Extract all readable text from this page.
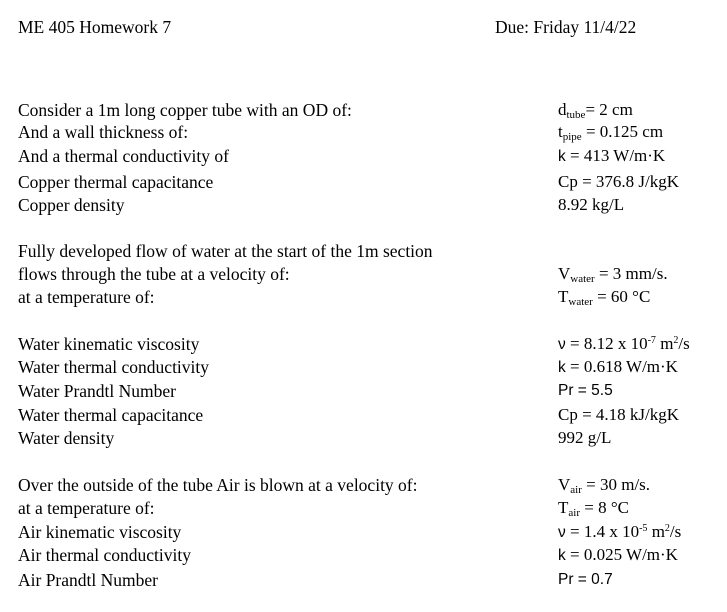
ME 405 Homework 7	Due: Friday 11/4/22
Consider a 1m long copper tube with an OD of:
And a wall thickness of:
And a thermal conductivity of
Copper thermal capacitance
Copper density
$d_{tube}= 2$ cm
$t_{pipe} = 0.125$ cm
k = 413 W/m·K
Cp = 376.8 J/kgK
8.92 kg/L
Fully developed flow of water at the start of the 1m section
flows through the tube at a velocity of:
at a temperature of:
$V_{water} = 3$ mm/s.
$T_{water} = 60$ °C
Water kinematic viscosity
Water thermal conductivity
Water Prandtl Number
Water thermal capacitance
Water density
ν = 8.12 x $10^{-7}$ $m^2/s$
k = 0.618 W/m·K
Pr = 5.5
Cp = 4.18 kJ/kgK
992 g/L
Over the outside of the tube Air is blown at a velocity of:
at a temperature of:
Air kinematic viscosity
Air thermal conductivity
Air Prandtl Number
$V_{air} = 30$ m/s.
$T_{air} = 8$ °C
ν = 1.4 x $10^{-5}$ $m^2/s$
k = 0.025 W/m·K
Pr = 0.7
